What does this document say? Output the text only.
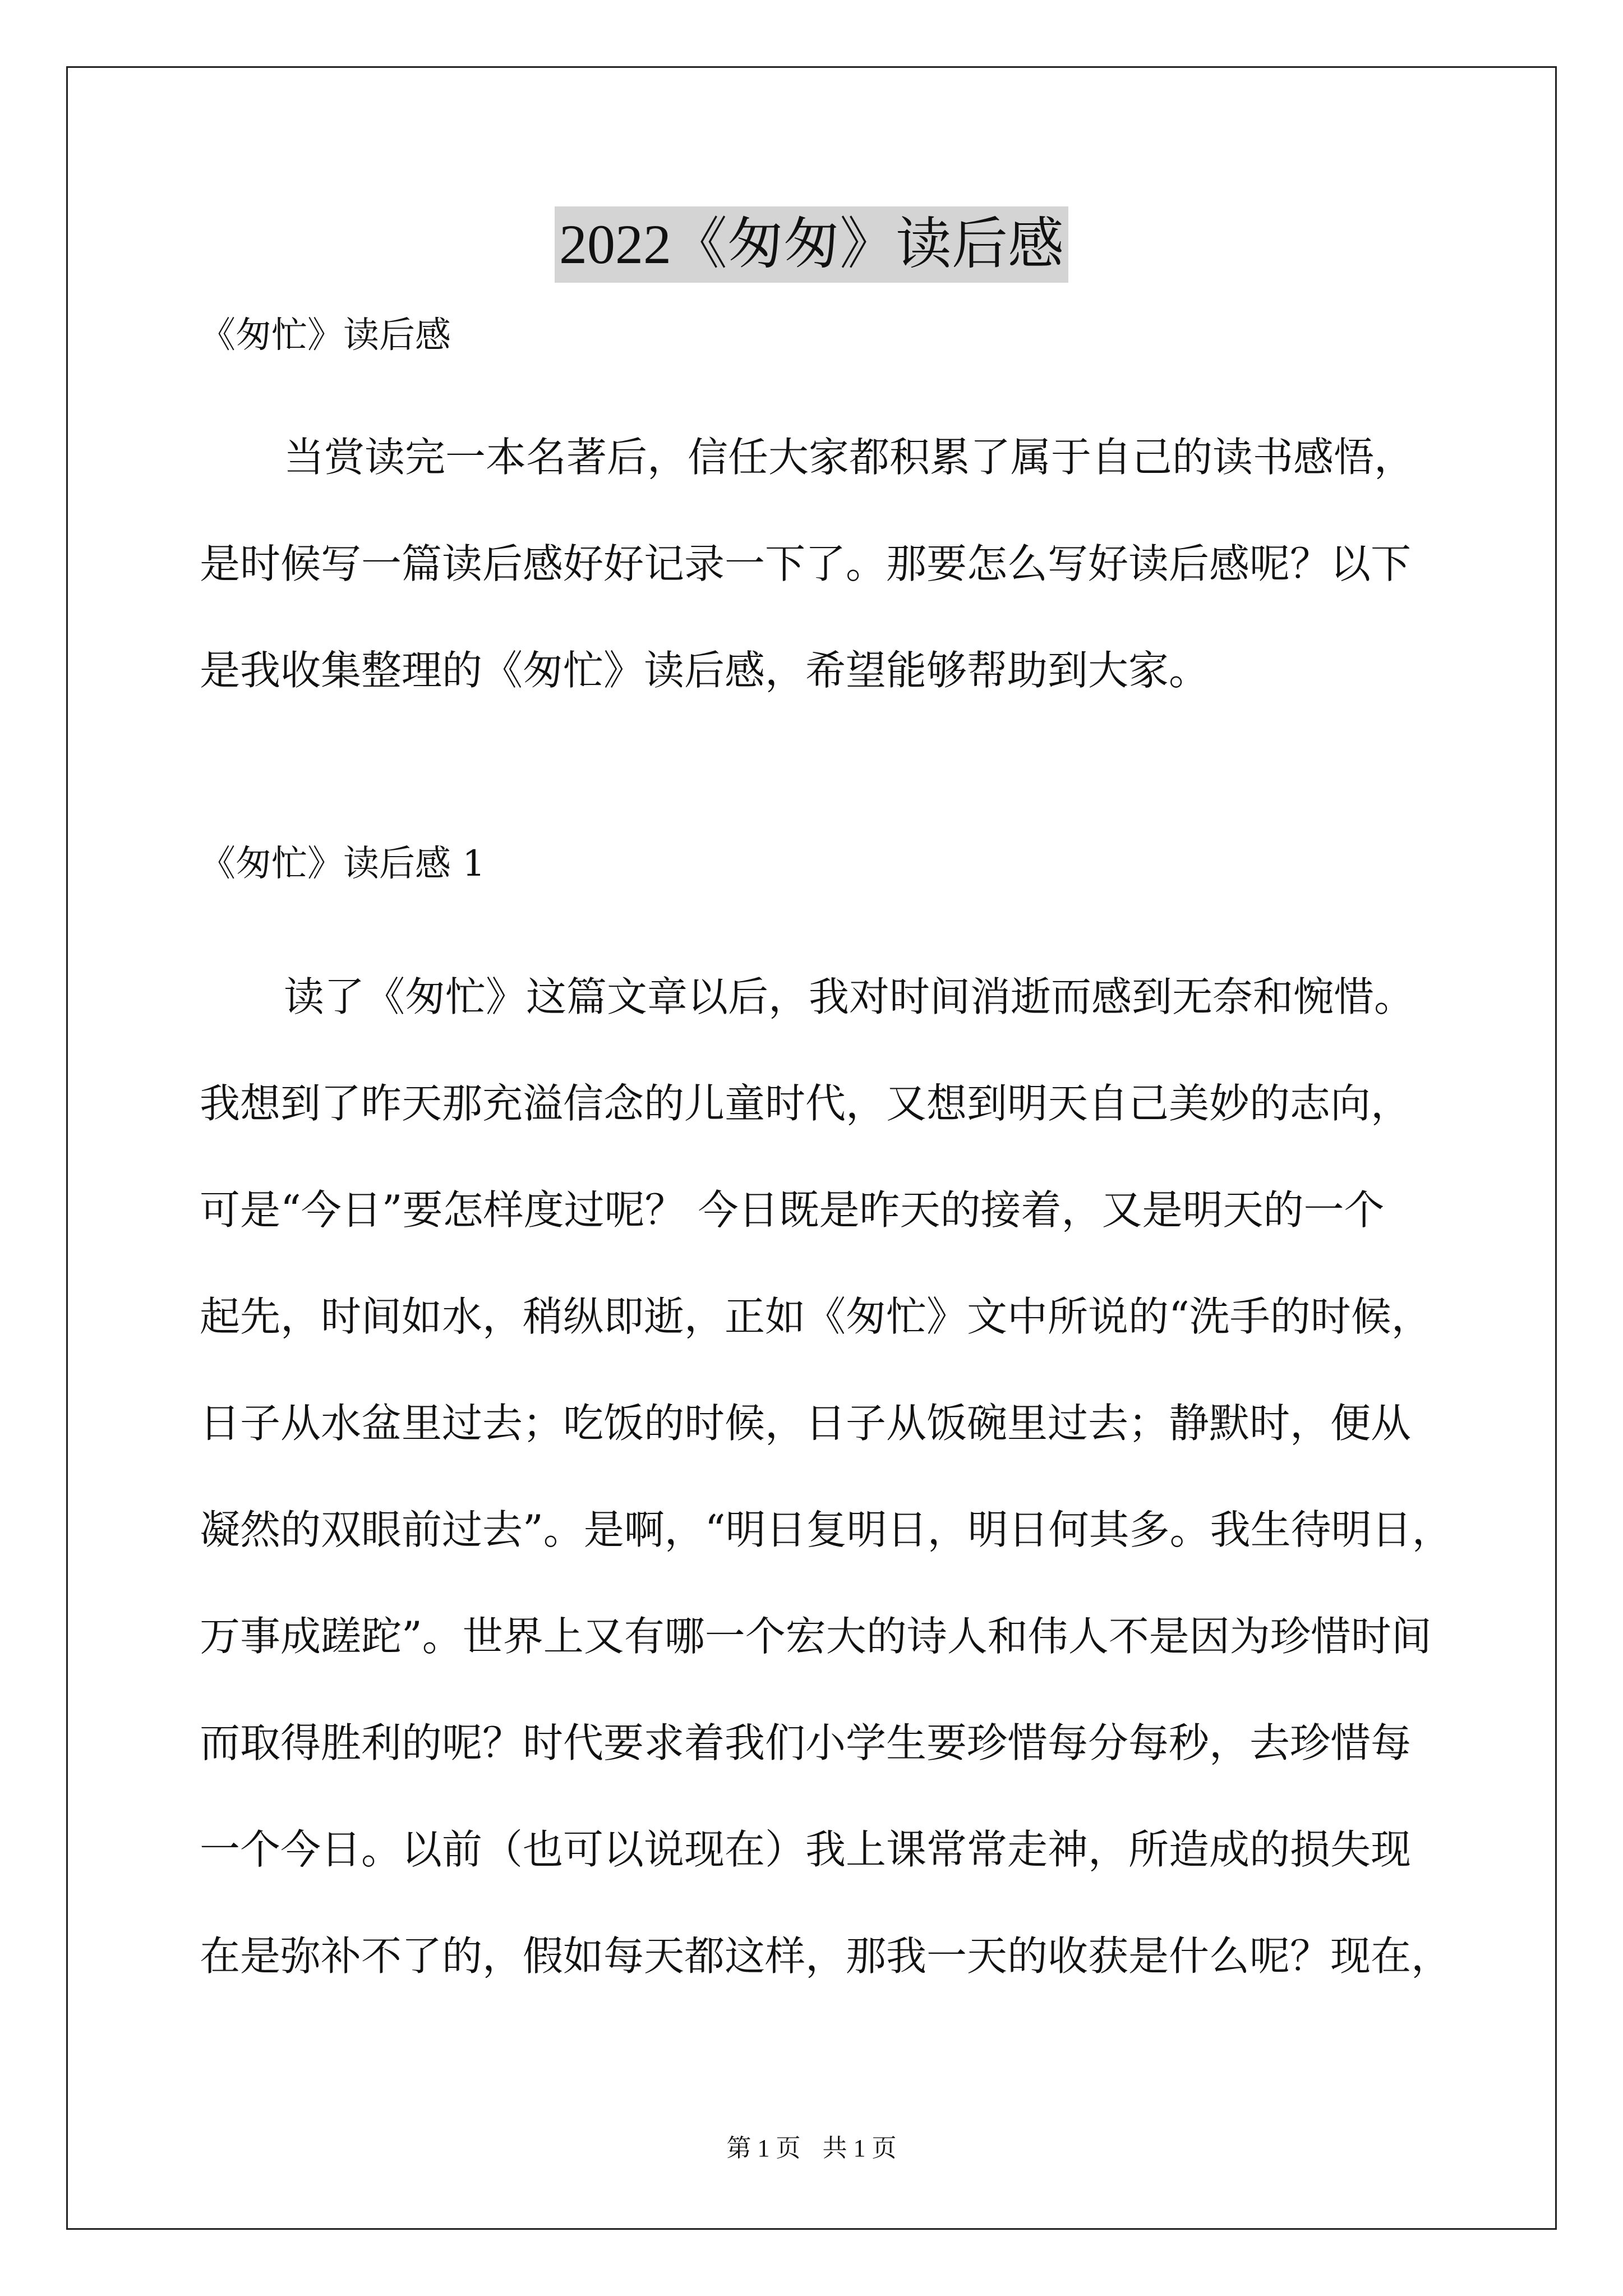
2022《匆匆》读后感

《匆忙》读后感

当赏读完一本名著后，信任大家都积累了属于自己的读书感悟，
是时候写一篇读后感好好记录一下了。那要怎么写好读后感呢？以下
是我收集整理的《匆忙》读后感，希望能够帮助到大家。

《匆忙》读后感 1

读了《匆忙》这篇文章以后，我对时间消逝而感到无奈和惋惜。
我想到了昨天那充溢信念的儿童时代，又想到明天自己美妙的志向，
可是“今日”要怎样度过呢？ 今日既是昨天的接着，又是明天的一个
起先，时间如水，稍纵即逝，正如《匆忙》文中所说的“洗手的时候，
日子从水盆里过去；吃饭的时候，日子从饭碗里过去；静默时，便从
凝然的双眼前过去”。是啊，“明日复明日，明日何其多。我生待明日，
万事成蹉跎”。世界上又有哪一个宏大的诗人和伟人不是因为珍惜时间
而取得胜利的呢？时代要求着我们小学生要珍惜每分每秒，去珍惜每
一个今日。以前（也可以说现在）我上课常常走神，所造成的损失现
在是弥补不了的，假如每天都这样，那我一天的收获是什么呢？现在，
第 1 页 共 1 页
